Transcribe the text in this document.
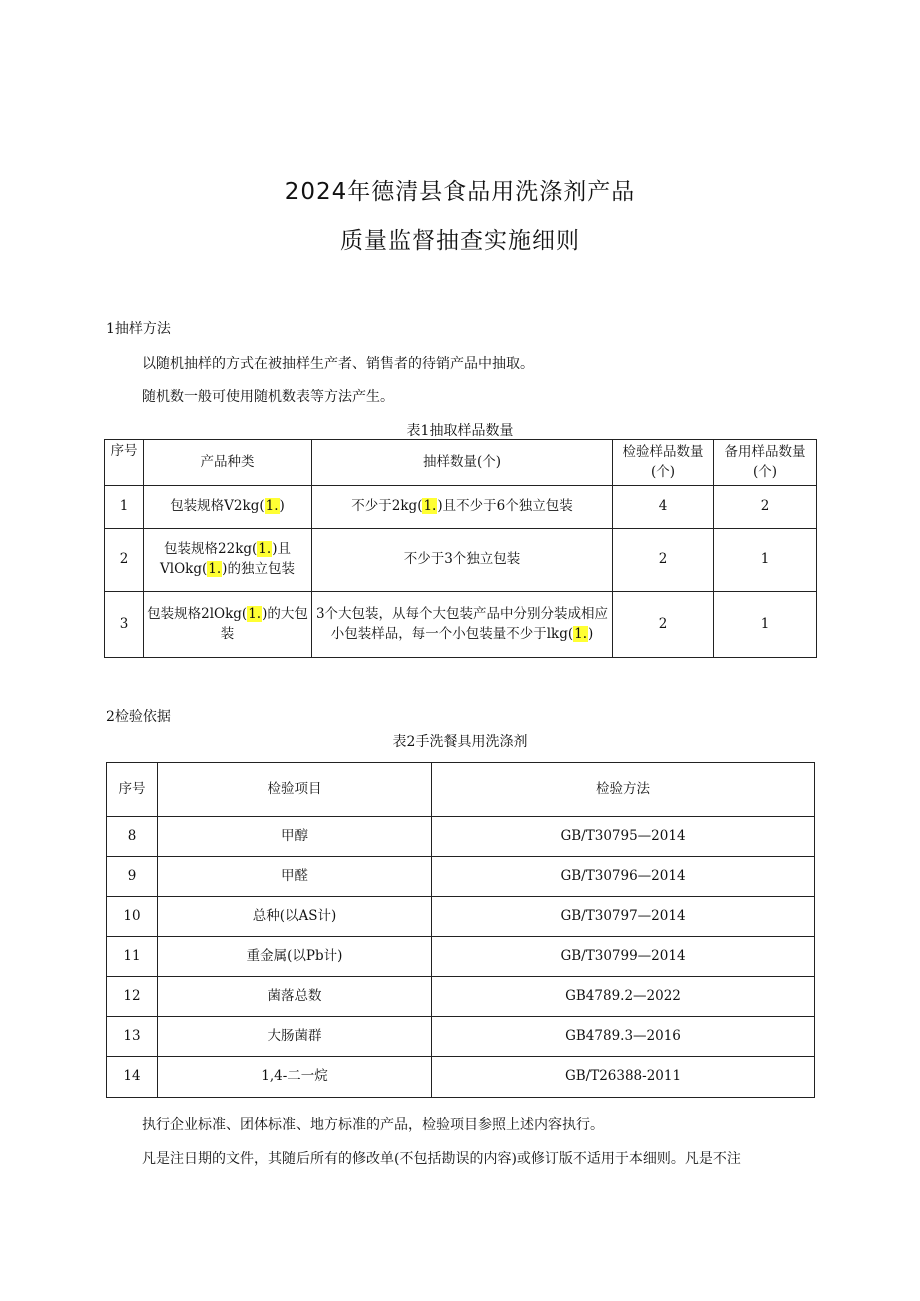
2024年德清县食品用洗涤剂产品
质量监督抽查实施细则
1抽样方法
以随机抽样的方式在被抽样生产者、销售者的待销产品中抽取。
随机数一般可使用随机数表等方法产生。
表1抽取样品数量
序号	产品种类	抽样数量(个)	检验样品数量(个)	备用样品数量(个)
1	包装规格V2kg(1.)	不少于2kg(1.)且不少于6个独立包装	4	2
2	包装规格22kg(1.)且VlOkg(1.)的独立包装	不少于3个独立包装	2	1
3	包装规格2lOkg(1.)的大包装	3个大包装，从每个大包装产品中分别分装成相应小包装样品，每一个小包装量不少于lkg(1.)	2	1
2检验依据
表2手洗餐具用洗涤剂
序号	检验项目	检验方法
8	甲醇	GB/T30795—2014
9	甲醛	GB/T30796—2014
10	总种(以AS计)	GB/T30797—2014
11	重金属(以Pb计)	GB/T30799—2014
12	菌落总数	GB4789.2—2022
13	大肠菌群	GB4789.3—2016
14	1,4-二一烷	GB/T26388-2011
执行企业标准、团体标准、地方标准的产品，检验项目参照上述内容执行。
凡是注日期的文件，其随后所有的修改单(不包括勘误的内容)或修订版不适用于本细则。凡是不注
